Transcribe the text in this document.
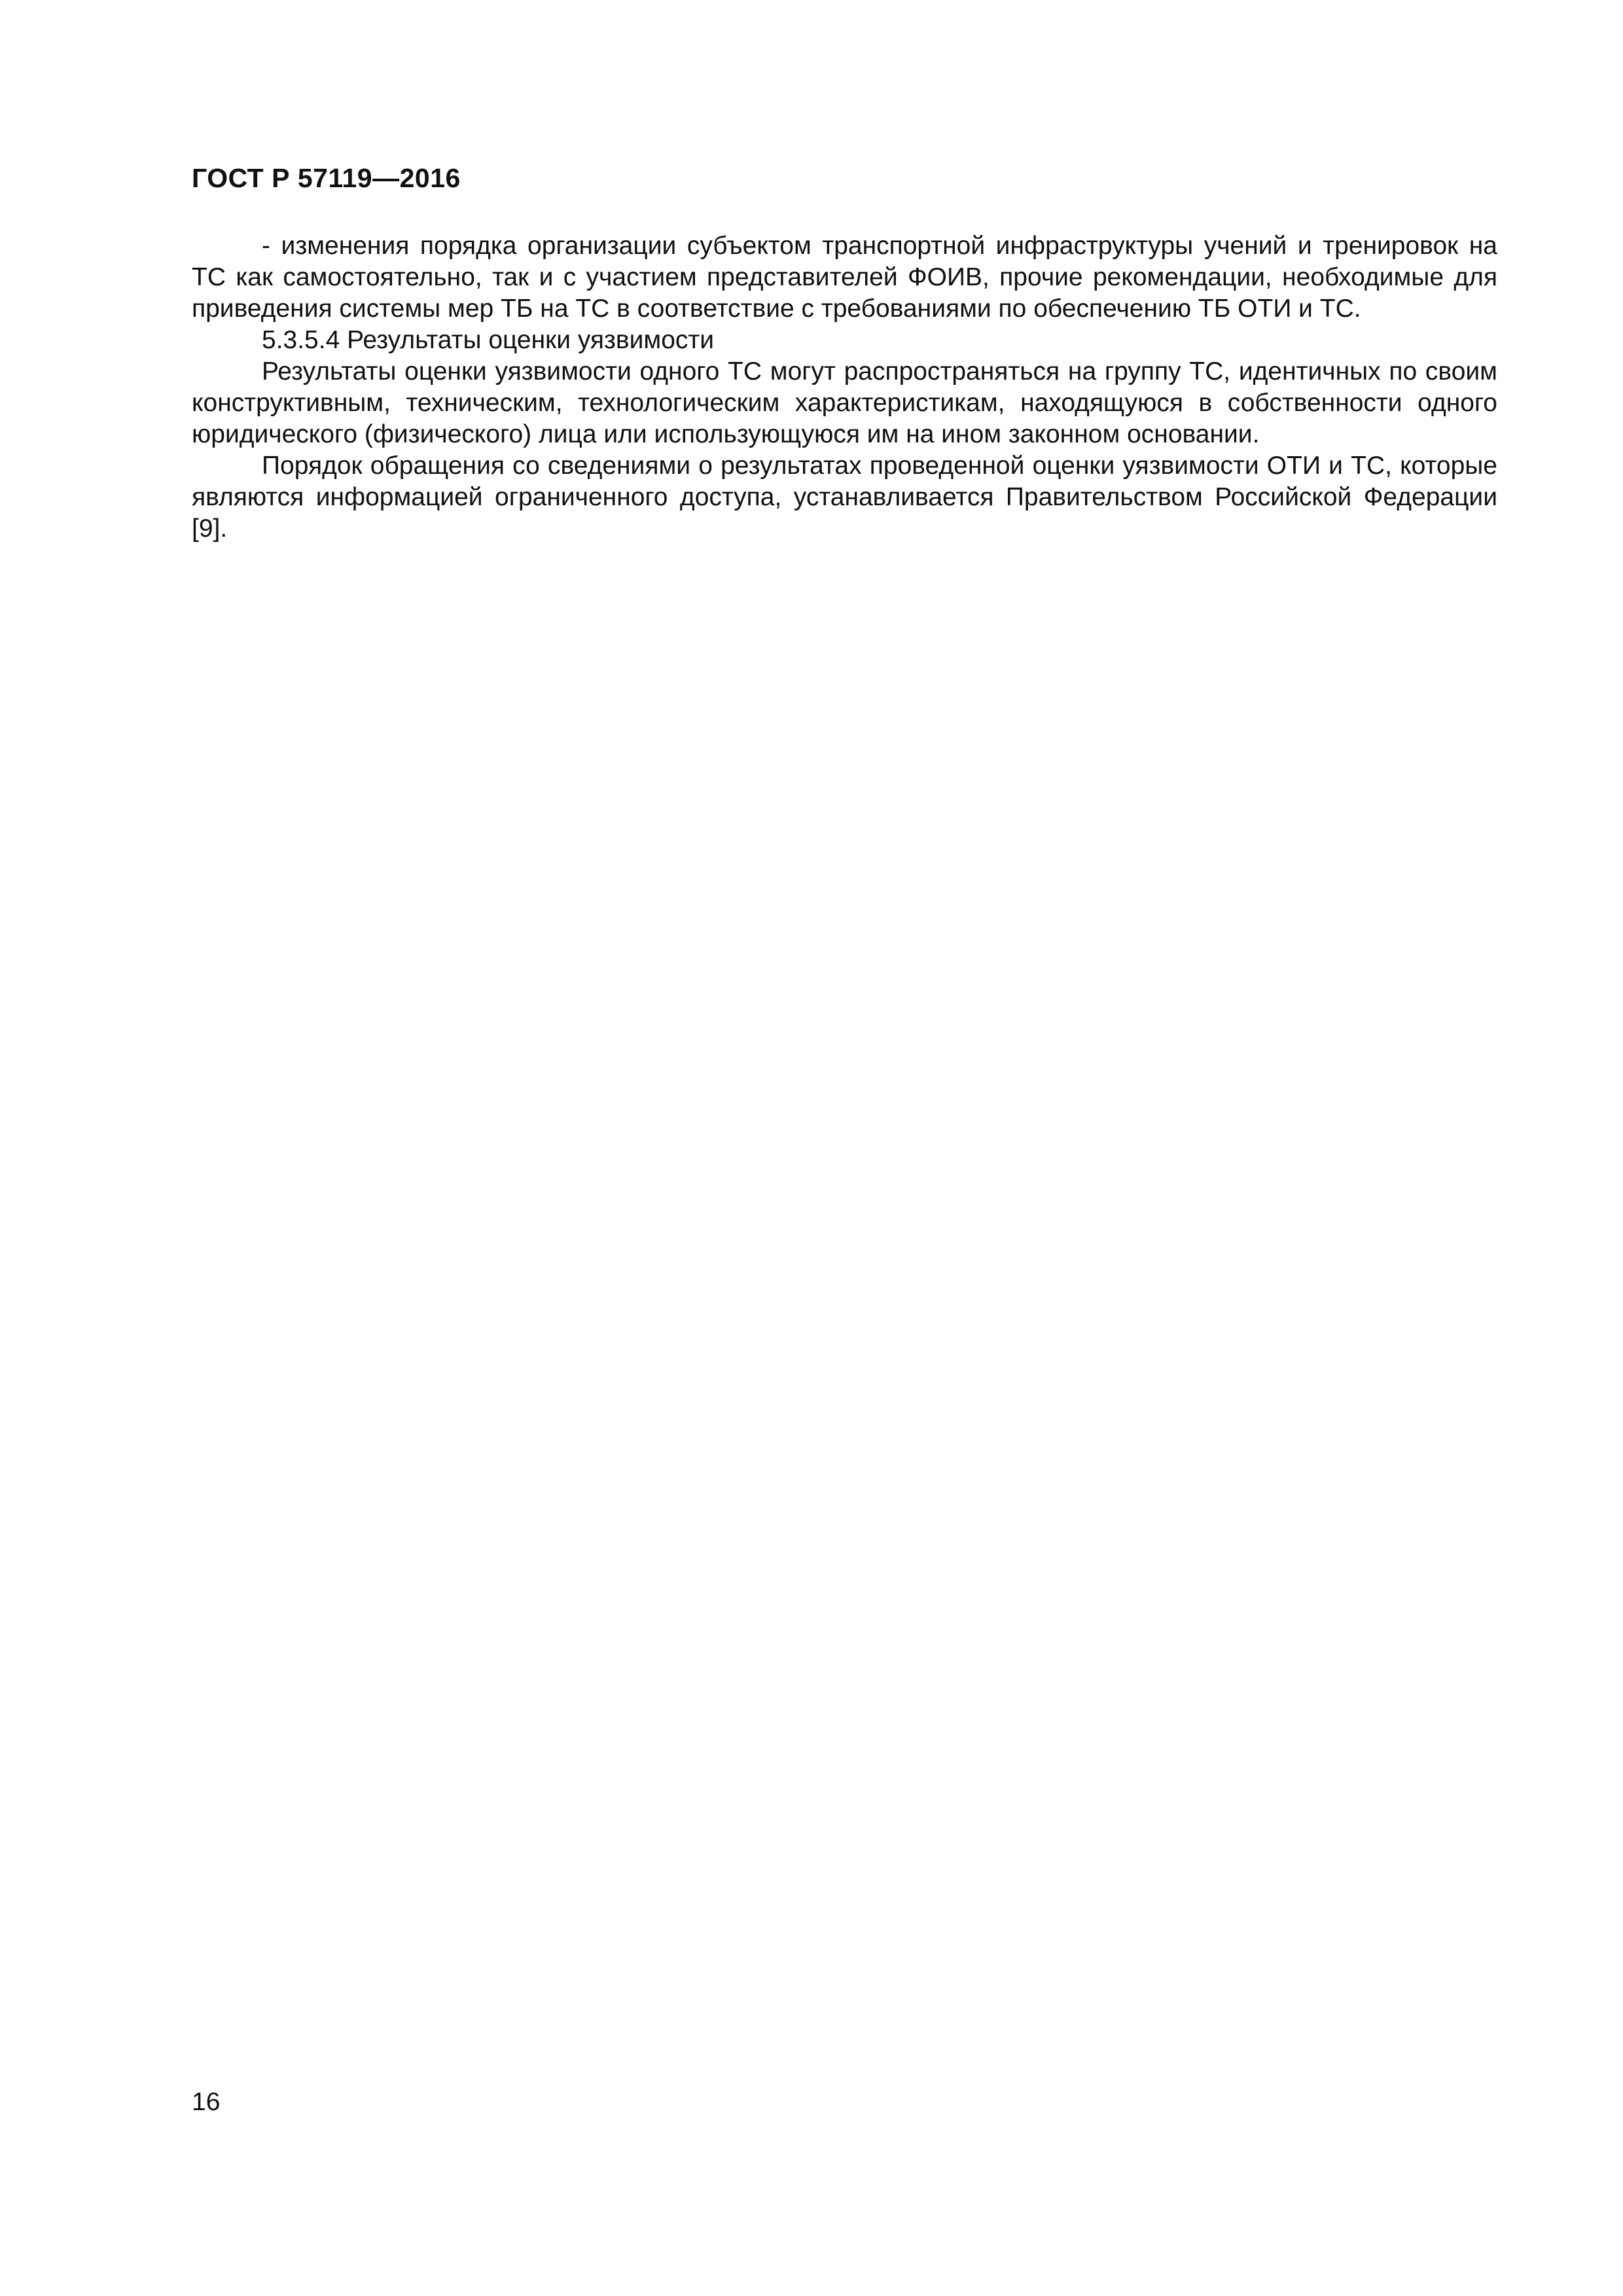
ГОСТ Р 57119—2016

- изменения порядка организации субъектом транспортной инфраструктуры учений и тренировок на ТС как самостоятельно, так и с участием представителей ФОИВ, прочие рекомендации, необходимые для приведения системы мер ТБ на ТС в соответствие с требованиями по обеспечению ТБ ОТИ и ТС.

5.3.5.4 Результаты оценки уязвимости

Результаты оценки уязвимости одного ТС могут распространяться на группу ТС, идентичных по своим конструктивным, техническим, технологическим характеристикам, находящуюся в собственности одного юридического (физического) лица или использующуюся им на ином законном основании.

Порядок обращения со сведениями о результатах проведенной оценки уязвимости ОТИ и ТС, которые являются информацией ограниченного доступа, устанавливается Правительством Российской Федерации [9].

16
